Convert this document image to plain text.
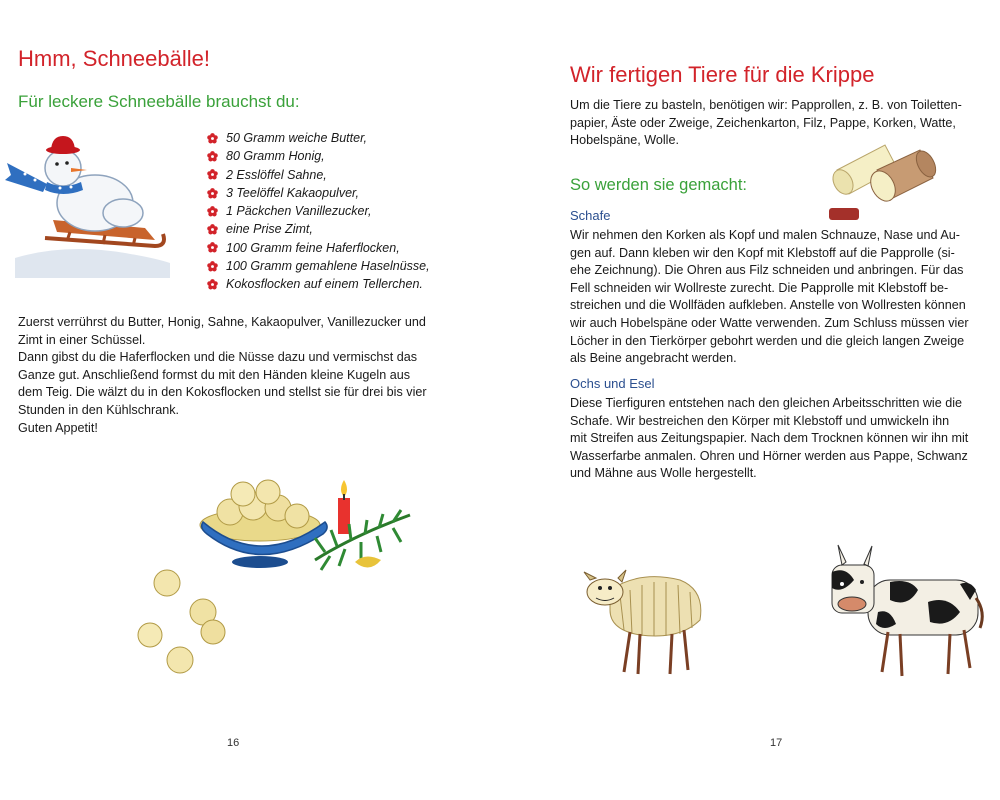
Hmm, Schneebälle!
Für leckere Schneebälle brauchst du:
50 Gramm weiche Butter,
80 Gramm Honig,
2 Esslöffel Sahne,
3 Teelöffel Kakaopulver,
1 Päckchen Vanillezucker,
eine Prise Zimt,
100 Gramm feine Haferflocken,
100 Gramm gemahlene Haselnüsse,
Kokosflocken auf einem Tellerchen.

Zuerst verrührst du Butter, Honig, Sahne, Kakaopulver, Vanillezucker und

Zimt in einer Schüssel.

Dann gibst du die Haferflocken und die Nüsse dazu und vermischst das

Ganze gut. Anschließend formst du mit den Händen kleine Kugeln aus

dem Teig. Die wälzt du in den Kokosflocken und stellst sie für drei bis vier

Stunden in den Kühlschrank.

Guten Appetit!

16
Wir fertigen Tiere für die Krippe

Um die Tiere zu basteln, benötigen wir: Papprollen, z. B. von Toiletten-

papier, Äste oder Zweige, Zeichenkarton, Filz, Pappe, Korken, Watte,

Hobelspäne, Wolle.

So werden sie gemacht:
Schafe

Wir nehmen den Korken als Kopf und malen Schnauze, Nase und Au-

gen auf. Dann kleben wir den Kopf mit Klebstoff auf die Papprolle (si-

ehe Zeichnung). Die Ohren aus Filz schneiden und anbringen. Für das

Fell schneiden wir Wollreste zurecht. Die Papprolle mit Klebstoff be-

streichen und die Wollfäden aufkleben. Anstelle von Wollresten können

wir auch Hobelspäne oder Watte verwenden. Zum Schluss müssen vier

Löcher in den Tierkörper gebohrt werden und die gleich langen Zweige

als Beine angebracht werden.

Ochs und Esel

Diese Tierfiguren entstehen nach den gleichen Arbeitsschritten wie die

Schafe. Wir bestreichen den Körper mit Klebstoff und umwickeln ihn

mit Streifen aus Zeitungspapier. Nach dem Trocknen können wir ihn mit

Wasserfarbe anmalen. Ohren und Hörner werden aus Pappe, Schwanz

und Mähne aus Wolle hergestellt.

17
